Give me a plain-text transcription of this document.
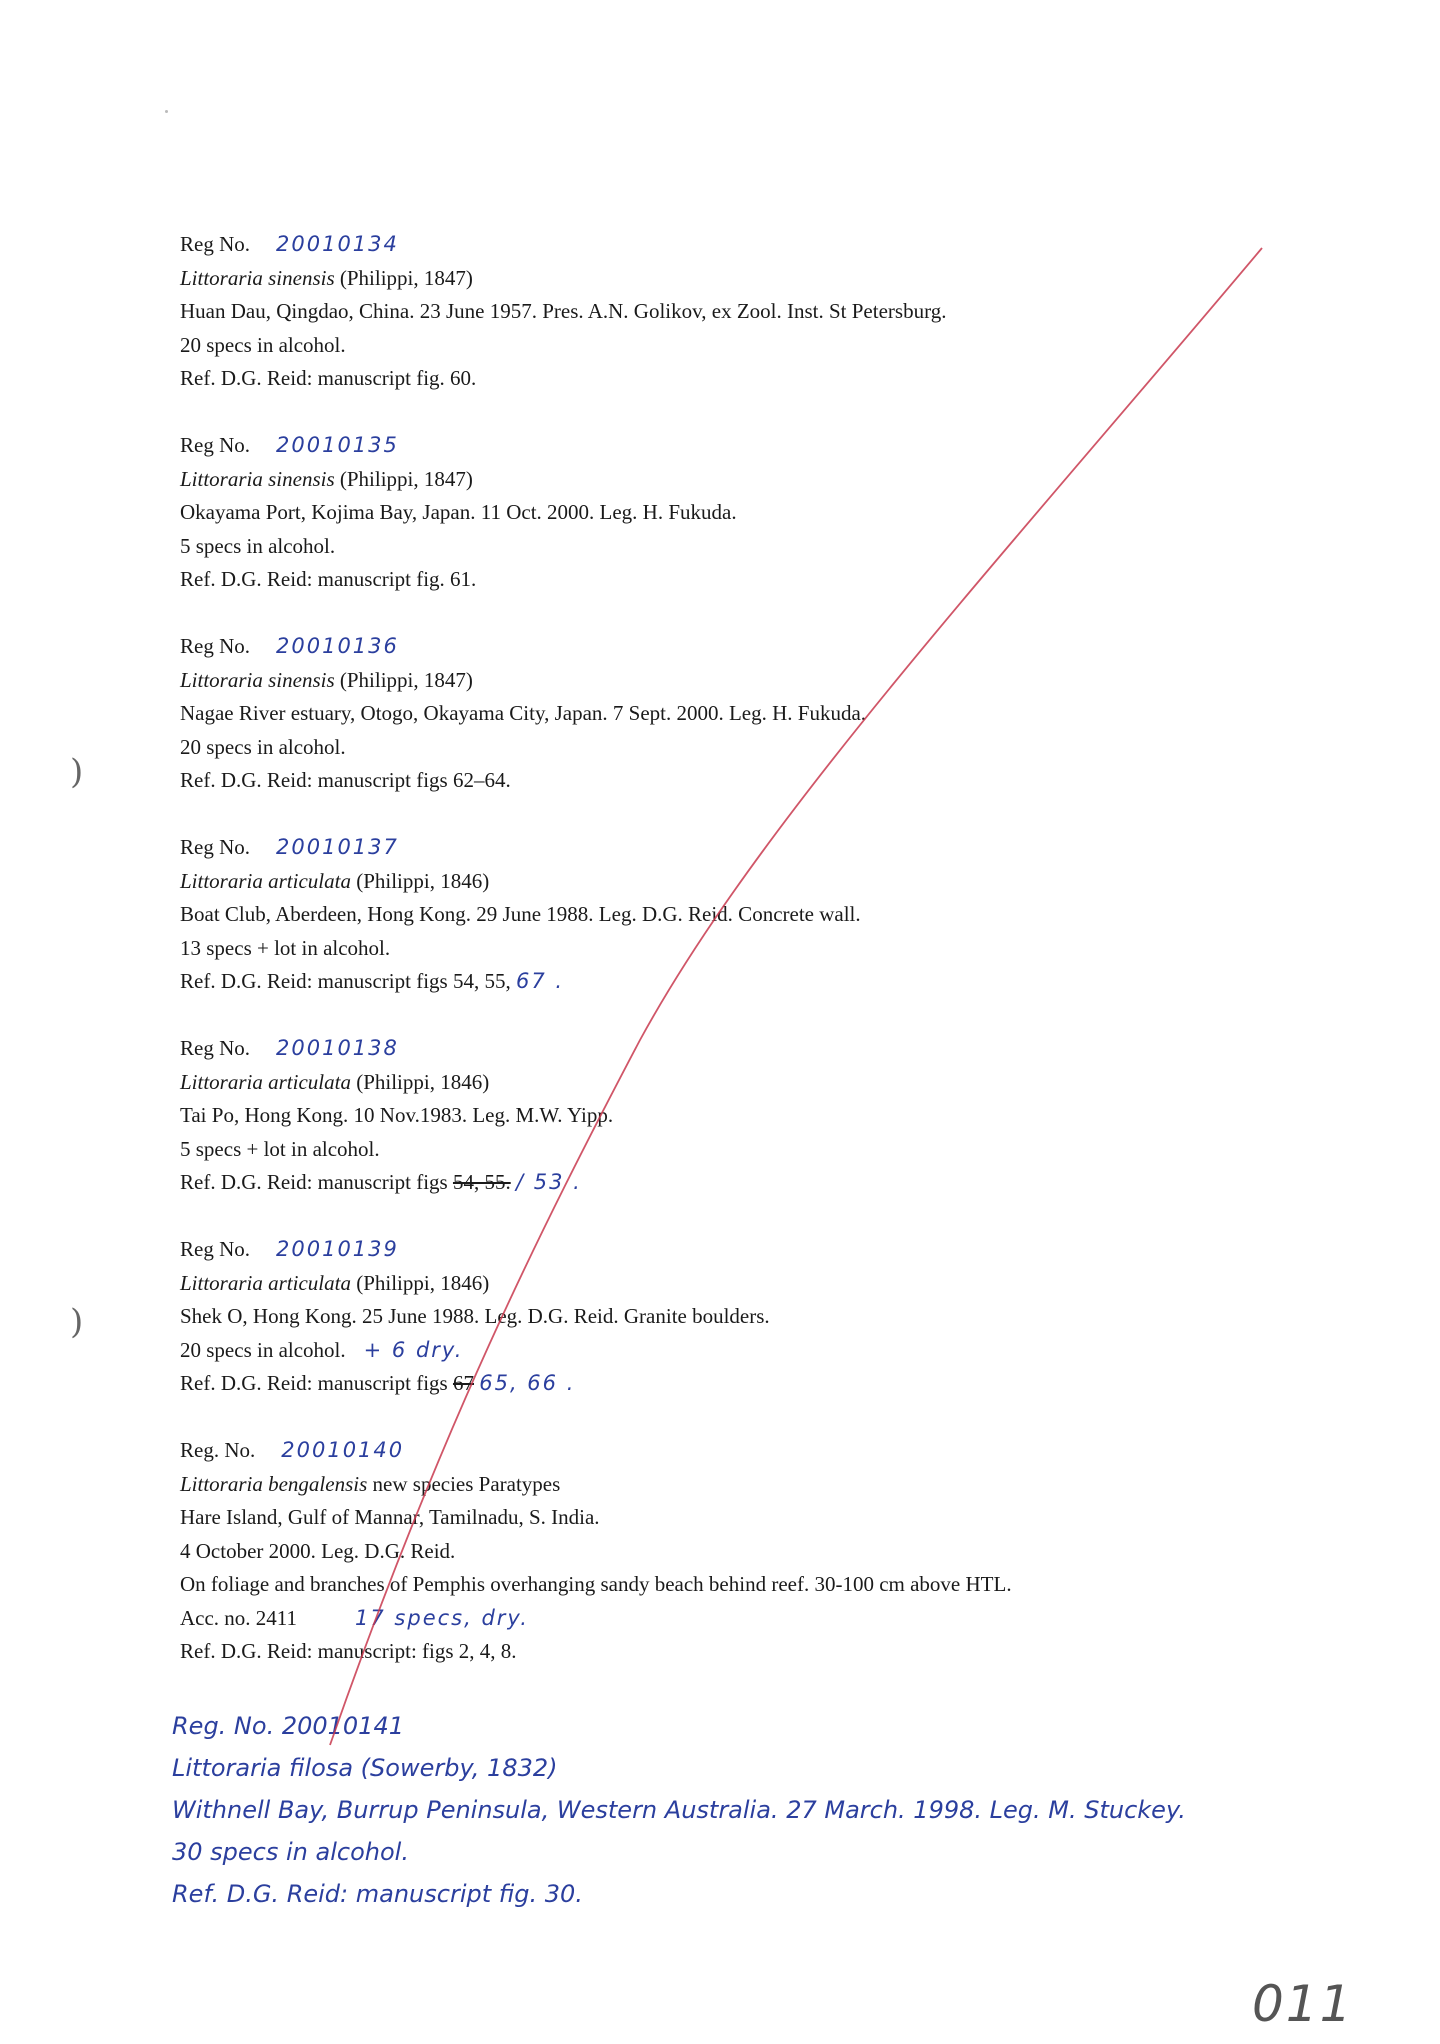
Reg No. 20010134
Littoraria sinensis (Philippi, 1847)
Huan Dau, Qingdao, China. 23 June 1957. Pres. A.N. Golikov, ex Zool. Inst. St Petersburg.
20 specs in alcohol.
Ref. D.G. Reid: manuscript fig. 60.
Reg No. 20010135
Littoraria sinensis (Philippi, 1847)
Okayama Port, Kojima Bay, Japan. 11 Oct. 2000. Leg. H. Fukuda.
5 specs in alcohol.
Ref. D.G. Reid: manuscript fig. 61.
Reg No. 20010136
Littoraria sinensis (Philippi, 1847)
Nagae River estuary, Otogo, Okayama City, Japan. 7 Sept. 2000. Leg. H. Fukuda.
20 specs in alcohol.
Ref. D.G. Reid: manuscript figs 62–64.
Reg No. 20010137
Littoraria articulata (Philippi, 1846)
Boat Club, Aberdeen, Hong Kong. 29 June 1988. Leg. D.G. Reid. Concrete wall.
13 specs + lot in alcohol.
Ref. D.G. Reid: manuscript figs 54, 55, 67 .
Reg No. 20010138
Littoraria articulata (Philippi, 1846)
Tai Po, Hong Kong. 10 Nov.1983. Leg. M.W. Yipp.
5 specs + lot in alcohol.
Ref. D.G. Reid: manuscript figs 54, 55. / 53 .
Reg No. 20010139
Littoraria articulata (Philippi, 1846)
Shek O, Hong Kong. 25 June 1988. Leg. D.G. Reid. Granite boulders.
20 specs in alcohol. + 6 dry.
Ref. D.G. Reid: manuscript figs 67 65, 66 .
Reg. No. 20010140
Littoraria bengalensis new species Paratypes
Hare Island, Gulf of Mannar, Tamilnadu, S. India.
4 October 2000. Leg. D.G. Reid.
On foliage and branches of Pemphis overhanging sandy beach behind reef. 30-100 cm above HTL.
Acc. no. 2411	17 specs, dry.
Ref. D.G. Reid: manuscript: figs 2, 4, 8.
Reg. No. 20010141
Littoraria filosa (Sowerby, 1832)
Withnell Bay, Burrup Peninsula, Western Australia. 27 March. 1998. Leg. M. Stuckey.
30 specs in alcohol.
Ref. D.G. Reid: manuscript fig. 30.
011
)
)
